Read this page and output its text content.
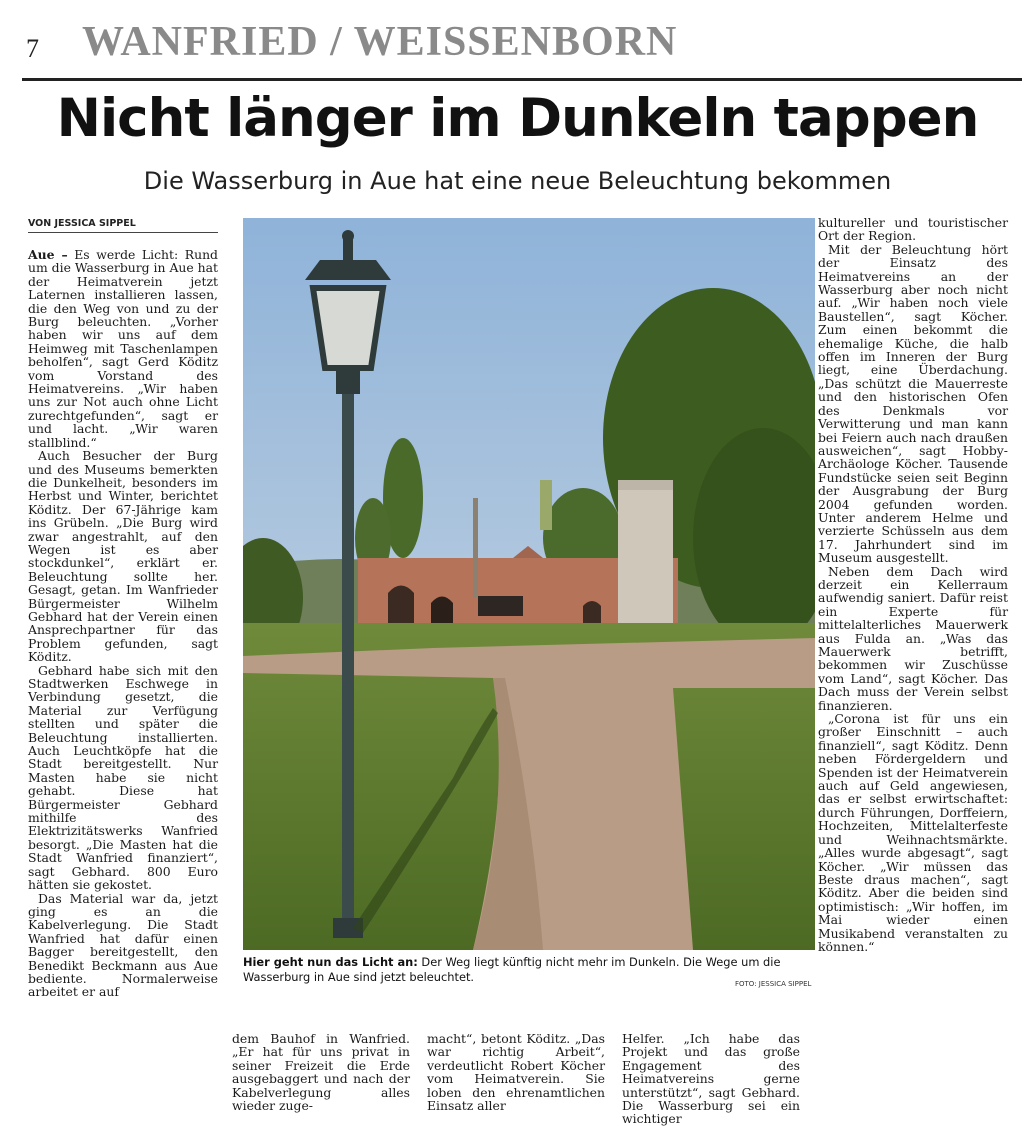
7 WANFRIED / WEISSENBORN
Nicht länger im Dunkeln tappen
Die Wasserburg in Aue hat eine neue Beleuchtung bekommen
VON JESSICA SIPPEL

Aue – Es werde Licht: Rund um die Wasserburg in Aue hat der Heimatverein jetzt Laternen installieren lassen, die den Weg von und zu der Burg beleuchten. „Vorher haben wir uns auf dem Heimweg mit Taschenlampen beholfen“, sagt Gerd Köditz vom Vorstand des Heimatvereins. „Wir haben uns zur Not auch ohne Licht zurechtgefunden“, sagt er und lacht. „Wir waren stallblind.“

Auch Besucher der Burg und des Museums bemerkten die Dunkelheit, besonders im Herbst und Winter, berichtet Köditz. Der 67-Jährige kam ins Grübeln. „Die Burg wird zwar angestrahlt, auf den Wegen ist es aber stockdunkel“, erklärt er. Beleuchtung sollte her. Gesagt, getan. Im Wanfrieder Bürgermeister Wilhelm Gebhard hat der Verein einen Ansprechpartner für das Problem gefunden, sagt Köditz.

Gebhard habe sich mit den Stadtwerken Eschwege in Verbindung gesetzt, die Material zur Verfügung stellten und später die Beleuchtung installierten. Auch Leuchtköpfe hat die Stadt bereitgestellt. Nur Masten habe sie nicht gehabt. Diese hat Bürgermeister Gebhard mithilfe des Elektrizitätswerks Wanfried besorgt. „Die Masten hat die Stadt Wanfried finanziert“, sagt Gebhard. 800 Euro hätten sie gekostet.

Das Material war da, jetzt ging es an die Kabelverlegung. Die Stadt Wanfried hat dafür einen Bagger bereitgestellt, den Benedikt Beckmann aus Aue bediente. Normalerweise arbeitet er auf

Hier geht nun das Licht an: Der Weg liegt künftig nicht mehr im Dunkeln. Die Wege um die Wasserburg in Aue sind jetzt beleuchtet.	FOTO: JESSICA SIPPEL
dem Bauhof in Wanfried. „Er hat für uns privat in seiner Freizeit die Erde ausgebaggert und nach der Kabelverlegung alles wieder zuge-
macht“, betont Köditz. „Das war richtig Arbeit“, verdeutlicht Robert Köcher vom Heimatverein. Sie loben den ehrenamtlichen Einsatz aller
Helfer. „Ich habe das Projekt und das große Engagement des Heimatvereins gerne unterstützt“, sagt Gebhard. Die Wasserburg sei ein wichtiger

kultureller und touristischer Ort der Region.

Mit der Beleuchtung hört der Einsatz des Heimatvereins an der Wasserburg aber noch nicht auf. „Wir haben noch viele Baustellen“, sagt Köcher. Zum einen bekommt die ehemalige Küche, die halb offen im Inneren der Burg liegt, eine Überdachung. „Das schützt die Mauerreste und den historischen Ofen des Denkmals vor Verwitterung und man kann bei Feiern auch nach draußen ausweichen“, sagt Hobby-Archäologe Köcher. Tausende Fundstücke seien seit Beginn der Ausgrabung der Burg 2004 gefunden worden. Unter anderem Helme und verzierte Schüsseln aus dem 17. Jahrhundert sind im Museum ausgestellt.

Neben dem Dach wird derzeit ein Kellerraum aufwendig saniert. Dafür reist ein Experte für mittelalterliches Mauerwerk aus Fulda an. „Was das Mauerwerk betrifft, bekommen wir Zuschüsse vom Land“, sagt Köcher. Das Dach muss der Verein selbst finanzieren.

„Corona ist für uns ein großer Einschnitt – auch finanziell“, sagt Köditz. Denn neben Fördergeldern und Spenden ist der Heimatverein auch auf Geld angewiesen, das er selbst erwirtschaftet: durch Führungen, Dorffeiern, Hochzeiten, Mittelalterfeste und Weihnachtsmärkte. „Alles wurde abgesagt“, sagt Köcher. „Wir müssen das Beste draus machen“, sagt Köditz. Aber die beiden sind optimistisch: „Wir hoffen, im Mai wieder einen Musikabend veranstalten zu können.“
